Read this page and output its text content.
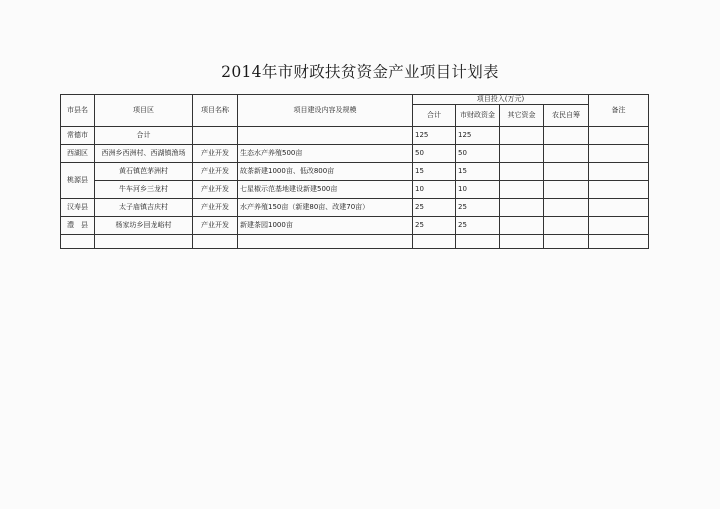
2014年市财政扶贫资金产业项目计划表
市县名	项目区	项目名称	项目建设内容及规模	项目投入(万元)				备注
				合计	市财政资金	其它资金	农民自筹	
常德市	合计			125	125			
西湖区	西洲乡西洲村、西湖镇渔场	产业开发	生态水产养殖500亩	50	50			
桃源县	黄石镇芭茅洲村	产业开发	故茶新建1000亩、低改800亩	15	15			
	牛车河乡三龙村	产业开发	七星椒示范基地建设新建500亩	10	10			
汉寿县	太子庙镇吉庆村	产业开发	水产养殖150亩（新建80亩、改建70亩）	25	25			
澧　县	杨家坊乡回龙峪村	产业开发	新建茶园1000亩	25	25			
